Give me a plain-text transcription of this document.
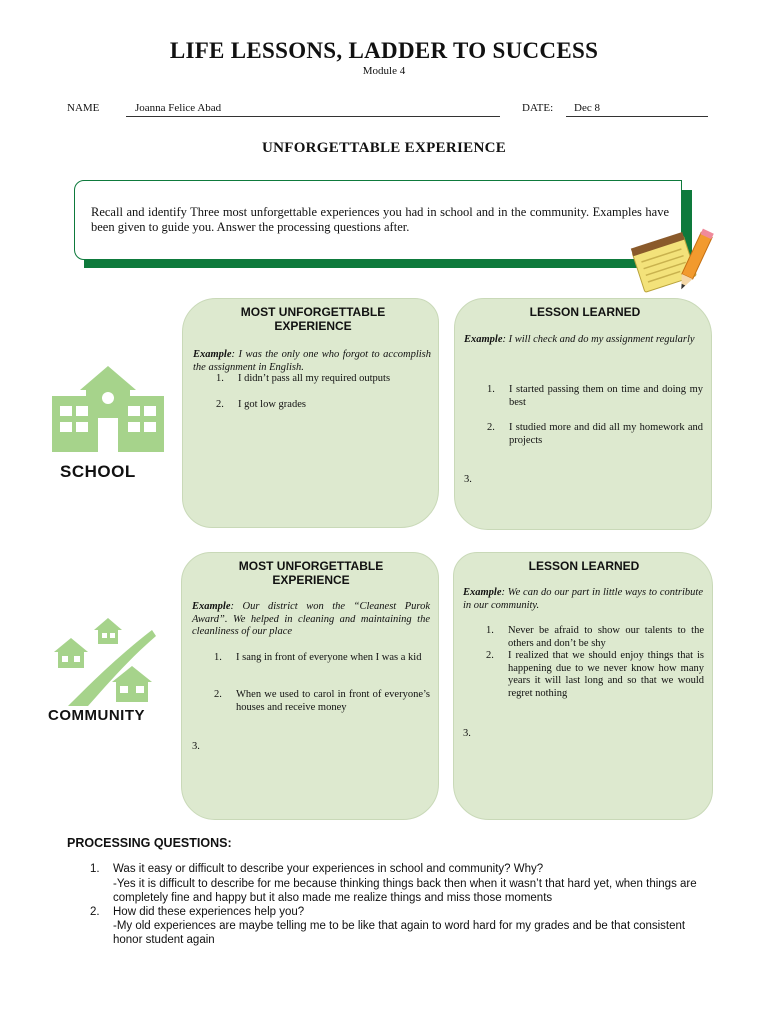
LIFE LESSONS, LADDER TO SUCCESS
Module 4
NAME	Joanna Felice Abad	DATE: Dec 8
UNFORGETTABLE EXPERIENCE
Recall and identify Three most unforgettable experiences you had in school and in the community. Examples have been given to guide you. Answer the processing questions after.
SCHOOL
COMMUNITY
MOST UNFORGETTABLE EXPERIENCE
Example: I was the only one who forgot to accomplish the assignment in English.
1.	I didn’t pass all my required outputs
2.	I got low grades
LESSON LEARNED
Example: I will check and do my assignment regularly
1.	I started passing them on time and doing my best
2.	I studied more and did all my homework and projects
3.
MOST UNFORGETTABLE EXPERIENCE
Example: Our district won the “Cleanest Purok Award”. We helped in cleaning and maintaining the cleanliness of our place
1.	I sang in front of everyone when I was a kid
2.	When we used to carol in front of everyone’s houses and receive money
3.
LESSON LEARNED
Example: We can do our part in little ways to contribute in our community.
1.	Never be afraid to show our talents to the others and don’t be shy
2.	I realized that we should enjoy things that is happening due to we never know how many years it will last long and so that we would regret nothing
3.
PROCESSING QUESTIONS:
1. Was it easy or difficult to describe your experiences in school and community? Why?
-Yes it is difficult to describe for me because thinking things back then when it wasn’t that hard yet, when things are completely fine and happy but it also made me realize things and miss those moments
2. How did these experiences help you?
-My old experiences are maybe telling me to be like that again to word hard for my grades and be that consistent honor student again
